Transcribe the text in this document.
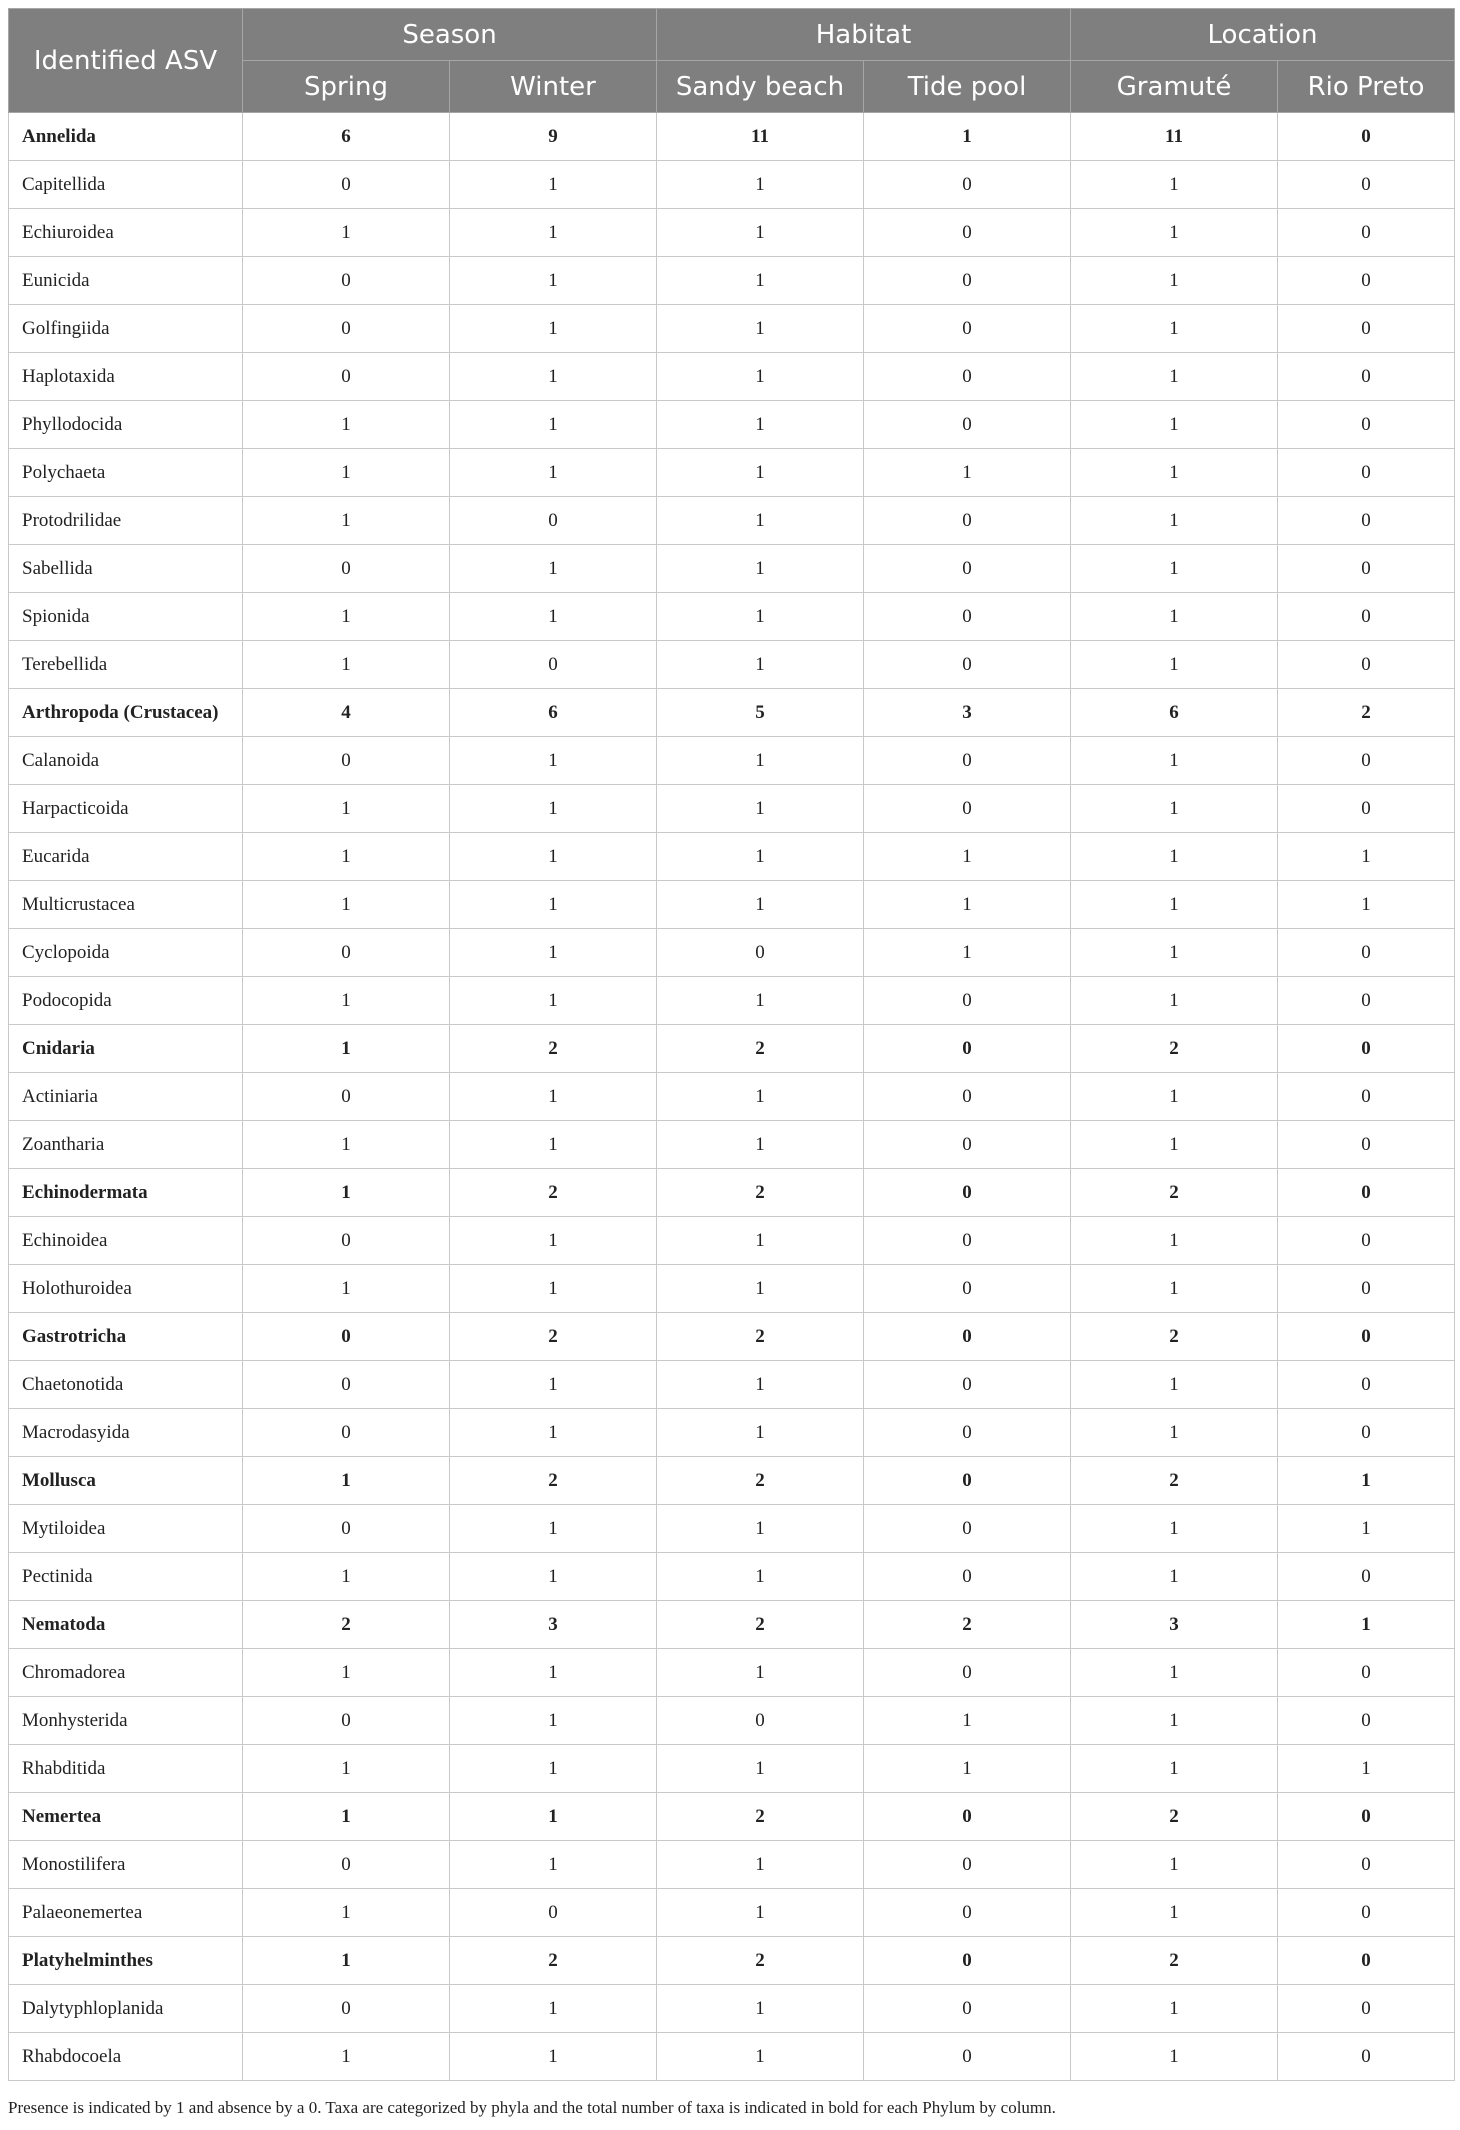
Identified ASV	Season		Habitat		Location	
	Spring	Winter	Sandy beach	Tide pool	Gramuté	Rio Preto
Annelida	6	9	11	1	11	0
Capitellida	0	1	1	0	1	0
Echiuroidea	1	1	1	0	1	0
Eunicida	0	1	1	0	1	0
Golfingiida	0	1	1	0	1	0
Haplotaxida	0	1	1	0	1	0
Phyllodocida	1	1	1	0	1	0
Polychaeta	1	1	1	1	1	0
Protodrilidae	1	0	1	0	1	0
Sabellida	0	1	1	0	1	0
Spionida	1	1	1	0	1	0
Terebellida	1	0	1	0	1	0
Arthropoda (Crustacea)	4	6	5	3	6	2
Calanoida	0	1	1	0	1	0
Harpacticoida	1	1	1	0	1	0
Eucarida	1	1	1	1	1	1
Multicrustacea	1	1	1	1	1	1
Cyclopoida	0	1	0	1	1	0
Podocopida	1	1	1	0	1	0
Cnidaria	1	2	2	0	2	0
Actiniaria	0	1	1	0	1	0
Zoantharia	1	1	1	0	1	0
Echinodermata	1	2	2	0	2	0
Echinoidea	0	1	1	0	1	0
Holothuroidea	1	1	1	0	1	0
Gastrotricha	0	2	2	0	2	0
Chaetonotida	0	1	1	0	1	0
Macrodasyida	0	1	1	0	1	0
Mollusca	1	2	2	0	2	1
Mytiloidea	0	1	1	0	1	1
Pectinida	1	1	1	0	1	0
Nematoda	2	3	2	2	3	1
Chromadorea	1	1	1	0	1	0
Monhysterida	0	1	0	1	1	0
Rhabditida	1	1	1	1	1	1
Nemertea	1	1	2	0	2	0
Monostilifera	0	1	1	0	1	0
Palaeonemertea	1	0	1	0	1	0
Platyhelminthes	1	2	2	0	2	0
Dalytyphloplanida	0	1	1	0	1	0
Rhabdocoela	1	1	1	0	1	0

Presence is indicated by 1 and absence by a 0. Taxa are categorized by phyla and the total number of taxa is indicated in bold for each Phylum by column.
